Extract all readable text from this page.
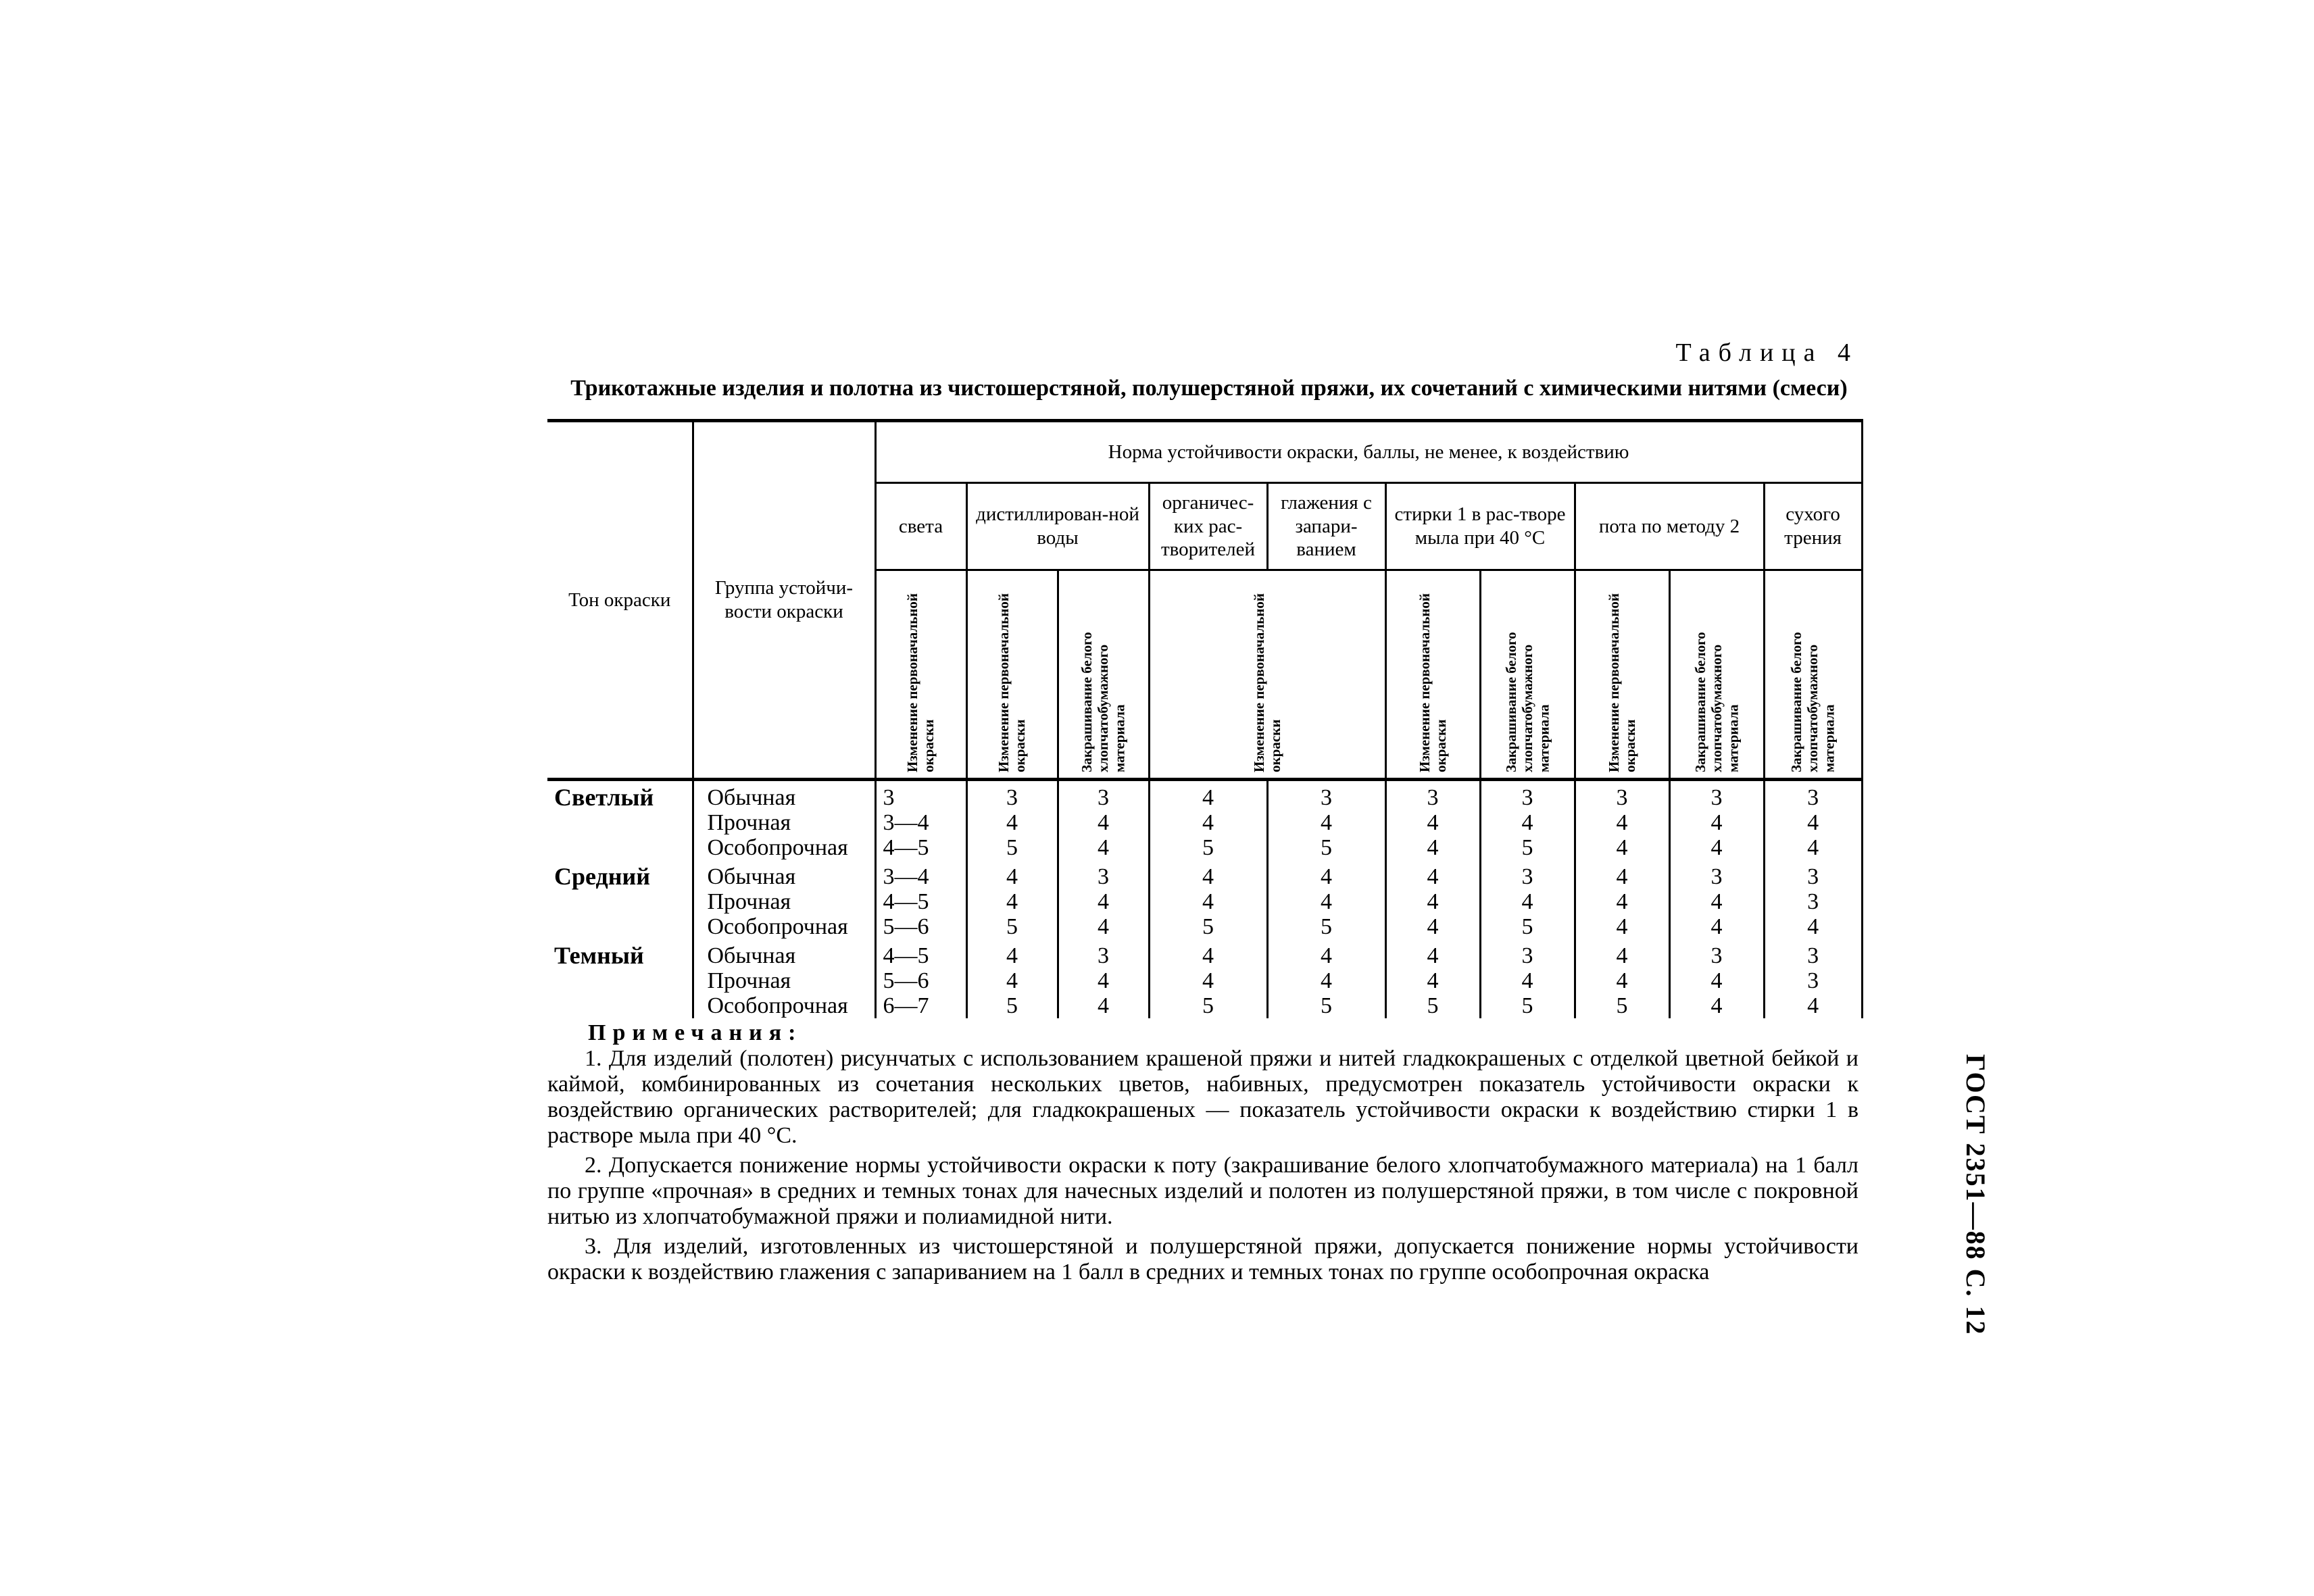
Таблица 4
Трикотажные изделия и полотна из чистошерстяной, полушерстяной пряжи, их сочетаний с химическими нитями (смеси)
Тон окраски	Группа устойчи-вости окраски	Норма устойчивости окраски, баллы, не менее, к воздействию									
		света	дистиллирован-ной воды		органичес-ких рас-творителей	глажения с запари-ванием	стирки 1 в рас-творе мыла при 40 °С		пота по методу 2		сухого трения

		Изменение первоначальной окраски	Изменение первоначальной окраски	Закрашивание белого хлопчатобумажного материала	Изменение первоначальной окраски		Изменение первоначальной окраски	Закрашивание белого хлопчатобумажного материала	Изменение первоначальной окраски	Закрашивание белого хлопчатобумажного материала	Закрашивание белого хлопчатобумажного материала

Светлый	Обычная	3	3	3	4	3	3	3	3	3	3
	Прочная	3—4	4	4	4	4	4	4	4	4	4
	Особопрочная	4—5	5	4	5	5	4	5	4	4	4
Средний	Обычная	3—4	4	3	4	4	4	3	4	3	3
	Прочная	4—5	4	4	4	4	4	4	4	4	3
	Особопрочная	5—6	5	4	5	5	4	5	4	4	4
Темный	Обычная	4—5	4	3	4	4	4	3	4	3	3
	Прочная	5—6	4	4	4	4	4	4	4	4	3
	Особопрочная	6—7	5	4	5	5	5	5	5	4	4
Примечания:

1. Для изделий (полотен) рисунчатых с использованием крашеной пряжи и нитей гладкокрашеных с отделкой цветной бейкой и каймой, комбинированных из сочетания нескольких цветов, набивных, предусмотрен показатель устойчивости окраски к воздействию органических растворителей; для гладкокрашеных — показатель устойчивости окраски к воздействию стирки 1 в растворе мыла при 40 °С.

2. Допускается понижение нормы устойчивости окраски к поту (закрашивание белого хлопчатобумажного материала) на 1 балл по группе «прочная» в средних и темных тонах для начесных изделий и полотен из полушерстяной пряжи, в том числе с покровной нитью из хлопчатобумажной пряжи и полиамидной нити.

3. Для изделий, изготовленных из чистошерстяной и полушерстяной пряжи, допускается понижение нормы устойчивости окраски к воздействию глажения с запариванием на 1 балл в средних и темных тонах по группе особопрочная окраска	ГОСТ 2351—88 С. 12
